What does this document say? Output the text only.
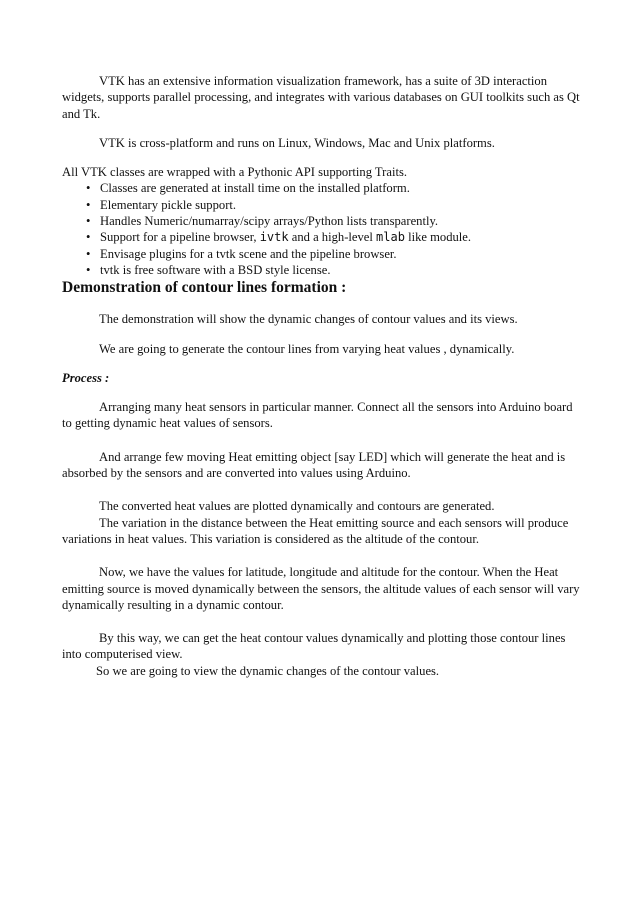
VTK has an extensive information visualization framework, has a suite of 3D interaction widgets, supports parallel processing, and integrates with various databases on GUI toolkits such as Qt and Tk.

VTK is cross-platform and runs on Linux, Windows, Mac and Unix platforms.

All VTK classes are wrapped with a Pythonic API supporting Traits.

• Classes are generated at install time on the installed platform.
• Elementary pickle support.
• Handles Numeric/numarray/scipy arrays/Python lists transparently.
• Support for a pipeline browser, ivtk and a high-level mlab like module.
• Envisage plugins for a tvtk scene and the pipeline browser.
• tvtk is free software with a BSD style license.
Demonstration of contour lines formation :

The demonstration will show the dynamic changes of contour values and its views.

We are going to generate the contour lines from varying heat values , dynamically.

Process :

Arranging many heat sensors in particular manner. Connect all the sensors into Arduino board to getting dynamic heat values of sensors.

And arrange few moving Heat emitting object [say LED] which will generate the heat and is absorbed by the sensors and are converted into values using Arduino.

The converted heat values are plotted dynamically and contours are generated.

The variation in the distance between the Heat emitting source and each sensors will produce variations in heat values. This variation is considered as the altitude of the contour.

Now, we have the values for latitude, longitude and altitude for the contour. When the Heat emitting source is moved dynamically between the sensors, the altitude values of each sensor will vary dynamically resulting in a dynamic contour.

By this way, we can get the heat contour values dynamically and plotting those contour lines into computerised view.

So we are going to view the dynamic changes of the contour values.
